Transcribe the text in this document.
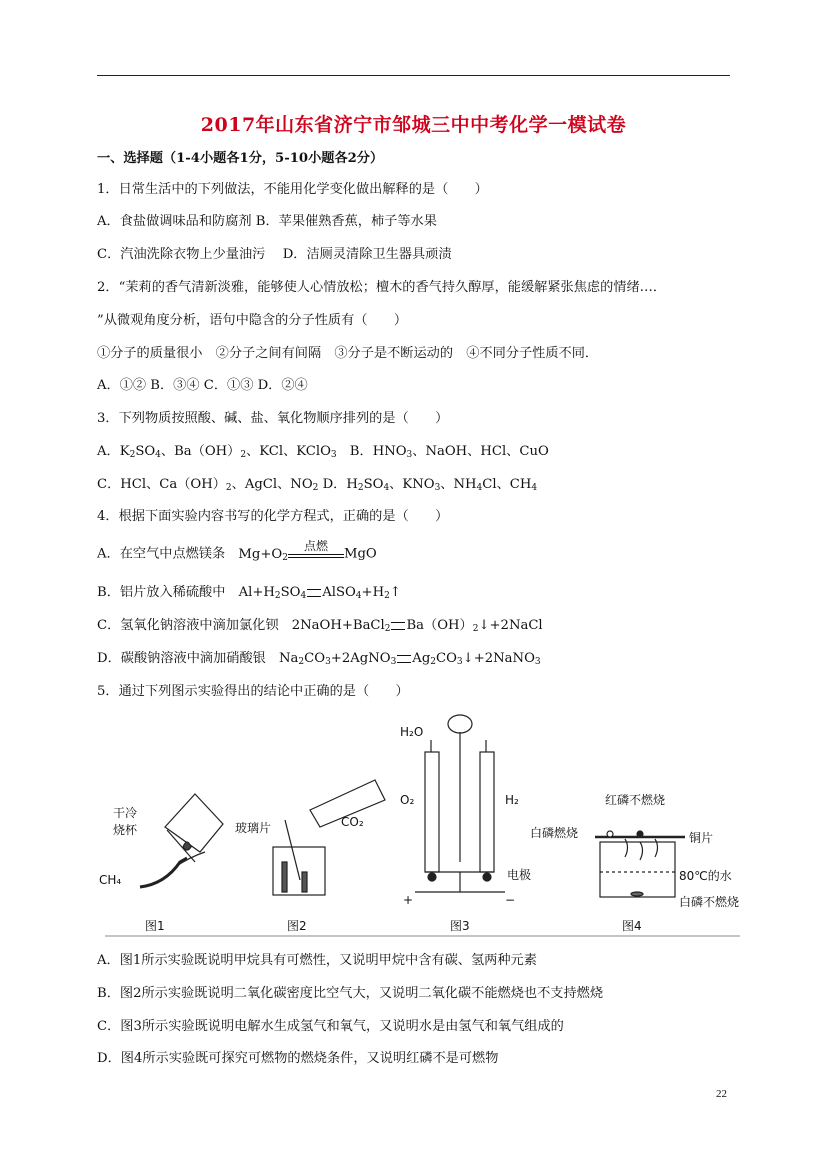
2017年山东省济宁市邹城三中中考化学一模试卷
一、选择题（1-4小题各1分，5-10小题各2分）
1．日常生活中的下列做法，不能用化学变化做出解释的是（　　）
A．食盐做调味品和防腐剂 B．苹果催熟香蕉，柿子等水果
C．汽油洗除衣物上少量油污　 D．洁厕灵清除卫生器具顽渍
2．“茉莉的香气清新淡雅，能够使人心情放松；檀木的香气持久醇厚，能缓解紧张焦虑的情绪…．
”从微观角度分析，语句中隐含的分子性质有（　　）
①分子的质量很小　②分子之间有间隔　③分子是不断运动的　④不同分子性质不同．
A．①② B．③④ C．①③ D．②④
3．下列物质按照酸、碱、盐、氧化物顺序排列的是（　　）
A．$K_2SO_4$、$Ba(OH)_2$、KCl、KClO$_3$　B．$HNO_3$、NaOH、HCl、CuO
C．HCl、$Ca(OH)_2$、AgCl、$NO_2$ D．$H_2SO_4$、$KNO_3$、$NH_4Cl$、$CH_4$
4．根据下面实验内容书写的化学方程式，正确的是（　　）
A．在空气中点燃镁条　 $Mg+O_2$
点燃
MgO
B．铝片放入稀硫酸中　$Al+H_2SO_4$ $AlSO_4+H_2↑$
C．氢氧化钠溶液中滴加氯化钡　2NaOH+BaCl$_2$ $Ba(OH)_2↓+2NaCl$
D．碳酸钠溶液中滴加硝酸银　$Na_2CO_3+2AgNO_3$ $Ag_2CO_3↓+2NaNO_3$
5．通过下列图示实验得出的结论中正确的是（　　）
干冷
烧杯
CH₄
图1
玻璃片	CO₂
图2
H₂O
O₂	H₂
电极
+	−
图3
红磷不燃烧
白磷燃烧	铜片
80℃的水
白磷不燃烧
图4
A．图1所示实验既说明甲烷具有可燃性，又说明甲烷中含有碳、氢两种元素
B．图2所示实验既说明二氧化碳密度比空气大，又说明二氧化碳不能燃烧也不支持燃烧
C．图3所示实验既说明电解水生成氢气和氧气，又说明水是由氢气和氧气组成的
D．图4所示实验既可探究可燃物的燃烧条件，又说明红磷不是可燃物
22
